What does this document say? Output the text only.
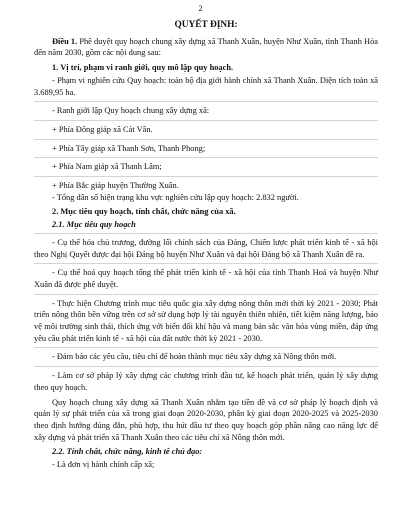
2
QUYẾT ĐỊNH:

Điều 1. Phê duyệt quy hoạch chung xây dựng xã Thanh Xuân, huyện Như Xuân, tỉnh Thanh Hóa đến năm 2030, gồm các nội dung sau:

1. Vị trí, phạm vi ranh giới, quy mô lập quy hoạch.

- Phạm vi nghiên cứu Quy hoạch: toàn bộ địa giới hành chính xã Thanh Xuân. Diện tích toàn xã 3.689,95 ha.

- Ranh giới lập Quy hoạch chung xây dựng xã:

+ Phía Đông giáp xã Cát Vân.

+ Phía Tây giáp xã Thanh Sơn, Thanh Phong;

+ Phía Nam giáp xã Thanh Lâm;

+ Phía Bắc giáp huyện Thường Xuân.

- Tổng dân số hiện trạng khu vực nghiên cứu lập quy hoạch: 2.832 người.

2. Mục tiêu quy hoạch, tính chất, chức năng của xã.

2.1. Mục tiêu quy hoạch

- Cụ thể hóa chủ trương, đường lối chính sách của Đảng, Chiến lược phát triển kinh tế - xã hội theo Nghị Quyết được đại hội Đảng bộ huyện Như Xuân và đại hội Đảng bộ xã Thanh Xuân đề ra.

- Cụ thể hoá quy hoạch tổng thể phát triển kinh tế - xã hội của tỉnh Thanh Hoá và huyện Như Xuân đã được phê duyệt.

- Thực hiện Chương trình mục tiêu quốc gia xây dựng nông thôn mới thời kỳ 2021 - 2030; Phát triển nông thôn bền vững trên cơ sở sử dụng hợp lý tài nguyên thiên nhiên, tiết kiệm năng lượng, bảo vệ môi trường sinh thái, thích ứng với biến đổi khí hậu và mang bản sắc văn hóa vùng miền, đáp ứng yêu cầu phát triển kinh tế - xã hội của đất nước thời kỳ 2021 - 2030.

- Đảm bảo các yêu cầu, tiêu chí để hoàn thành mục tiêu xây dựng xã Nông thôn mới.

- Làm cơ sở pháp lý xây dựng các chương trình đầu tư, kế hoạch phát triển, quản lý xây dựng theo quy hoạch.

Quy hoạch chung xây dựng xã Thanh Xuân nhằm tạo tiền đề và cơ sở pháp lý hoạch định và quản lý sự phát triển của xã trong giai đoạn 2020-2030, phân kỳ giai đoạn 2020-2025 và 2025-2030 theo định hướng đúng đắn, phù hợp, thu hút đầu tư theo quy hoạch góp phần nâng cao năng lực để xây dựng và phát triển xã Thanh Xuân theo các tiêu chí xã Nông thôn mới.

2.2. Tính chất, chức năng, kinh tế chủ đạo:

- Là đơn vị hành chính cấp xã;
